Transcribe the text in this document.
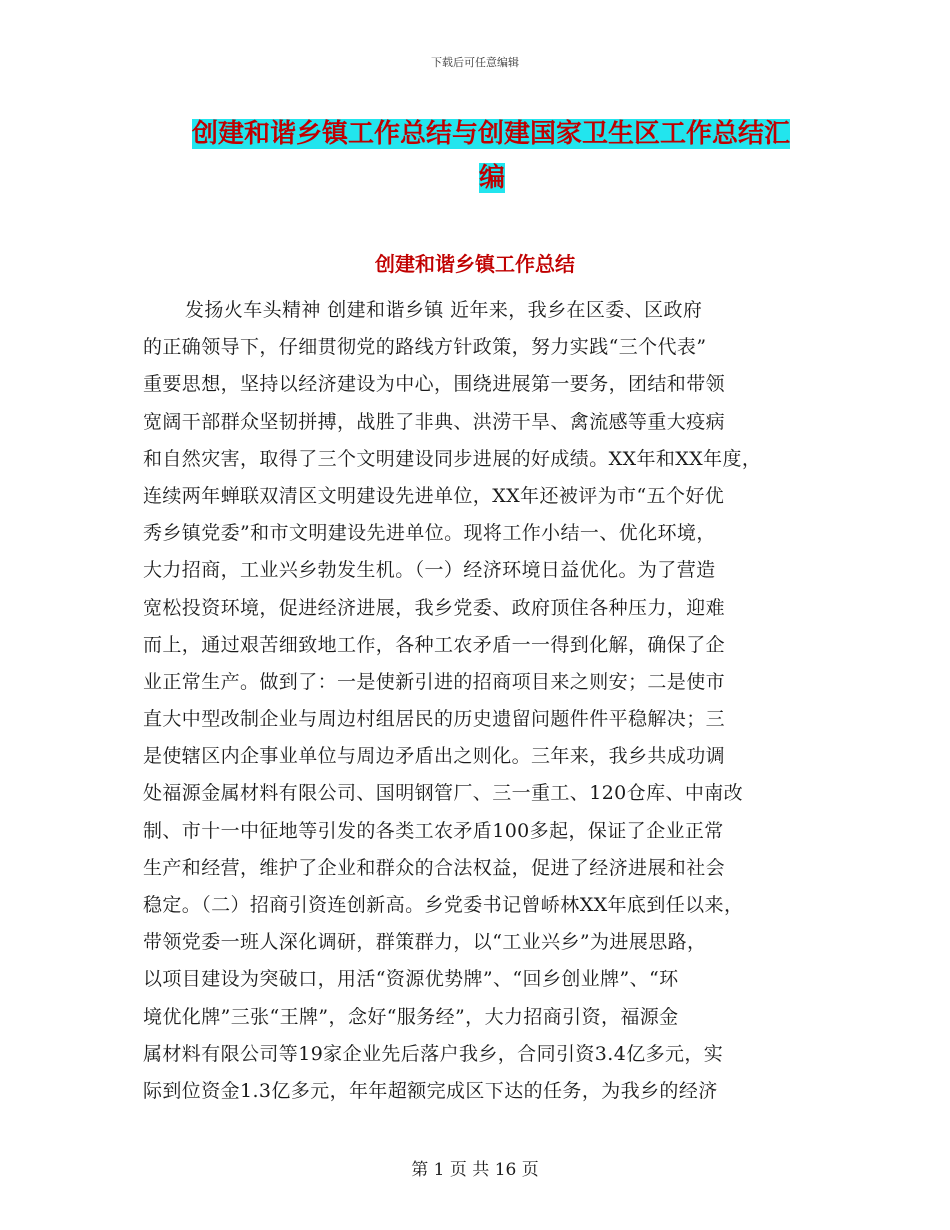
下载后可任意编辑
创建和谐乡镇工作总结与创建国家卫生区工作总结汇
编
创建和谐乡镇工作总结
发扬火车头精神 创建和谐乡镇 近年来，我乡在区委、区政府
的正确领导下，仔细贯彻党的路线方针政策，努力实践“三个代表”
重要思想，坚持以经济建设为中心，围绕进展第一要务，团结和带领
宽阔干部群众坚韧拼搏，战胜了非典、洪涝干旱、禽流感等重大疫病
和自然灾害，取得了三个文明建设同步进展的好成绩。XX年和XX年度，
连续两年蝉联双清区文明建设先进单位，XX年还被评为市“五个好优
秀乡镇党委”和市文明建设先进单位。现将工作小结一、优化环境，
大力招商，工业兴乡勃发生机。（一）经济环境日益优化。为了营造
宽松投资环境，促进经济进展，我乡党委、政府顶住各种压力，迎难
而上，通过艰苦细致地工作，各种工农矛盾一一得到化解，确保了企
业正常生产。做到了：一是使新引进的招商项目来之则安；二是使市
直大中型改制企业与周边村组居民的历史遗留问题件件平稳解决；三
是使辖区内企事业单位与周边矛盾出之则化。三年来，我乡共成功调
处福源金属材料有限公司、国明钢管厂、三一重工、120仓库、中南改
制、市十一中征地等引发的各类工农矛盾100多起，保证了企业正常
生产和经营，维护了企业和群众的合法权益，促进了经济进展和社会
稳定。（二）招商引资连创新高。乡党委书记曾峤林XX年底到任以来，
带领党委一班人深化调研，群策群力，以“工业兴乡”为进展思路，
以项目建设为突破口，用活“资源优势牌”、“回乡创业牌”、“环
境优化牌”三张“王牌”，念好“服务经”，大力招商引资，福源金
属材料有限公司等19家企业先后落户我乡，合同引资3.4亿多元，实
际到位资金1.3亿多元，年年超额完成区下达的任务，为我乡的经济
第 1 页 共 16 页
